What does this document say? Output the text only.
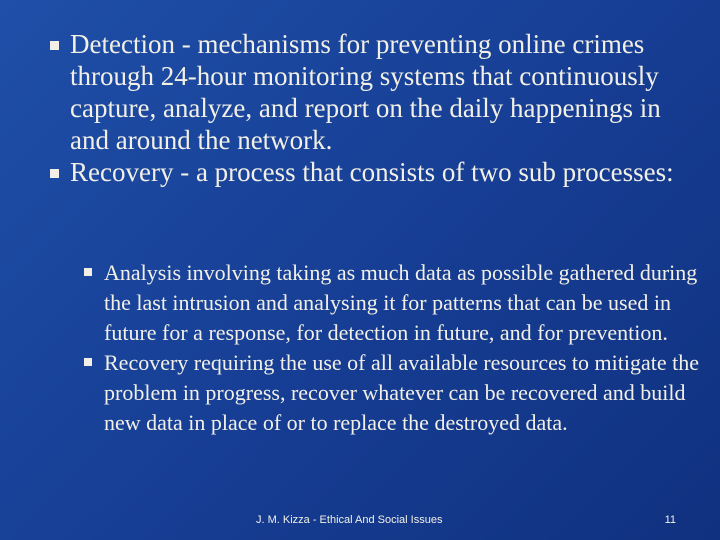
Detection - mechanisms for preventing online crimes through 24-hour monitoring systems that continuously capture, analyze, and report on the daily happenings in and around the network.
Recovery - a process that consists of two sub processes:
Analysis involving taking as much data as possible gathered during the last intrusion and analysing it for patterns that can be used in future for a response, for detection in future, and for prevention.
Recovery requiring the use of all available resources to mitigate the problem in progress, recover whatever can be recovered and build new data in place of or to replace the destroyed data.
J. M. Kizza - Ethical And Social Issues	11
